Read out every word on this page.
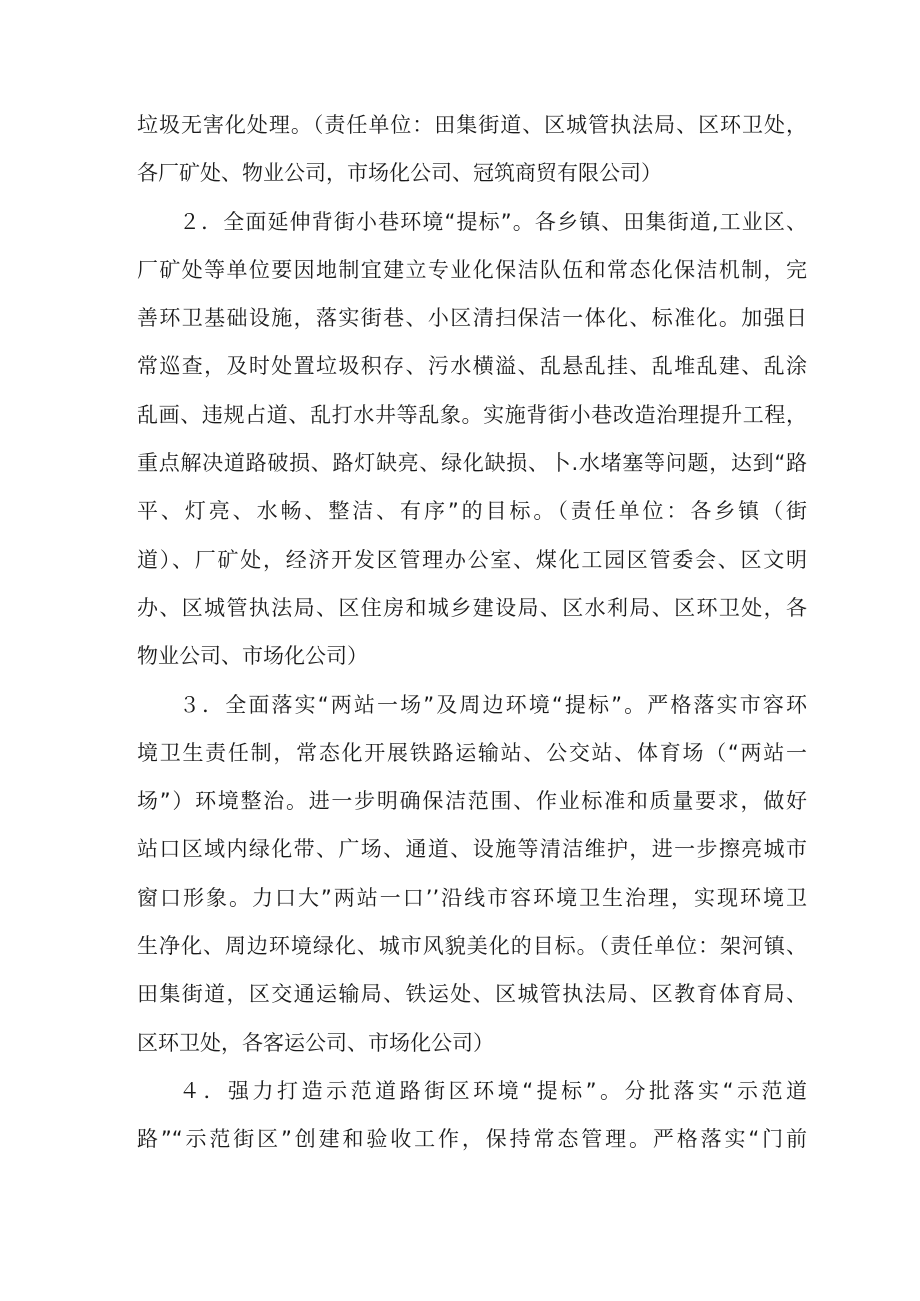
垃圾无害化处理。（责任单位：田集街道、区城管执法局、区环卫处，
各厂矿处、物业公司，市场化公司、冠筑商贸有限公司）
２．全面延伸背街小巷环境“提标”。各乡镇、田集街道,工业区、
厂矿处等单位要因地制宜建立专业化保洁队伍和常态化保洁机制，完
善环卫基础设施，落实街巷、小区清扫保洁一体化、标准化。加强日
常巡查，及时处置垃圾积存、污水横溢、乱悬乱挂、乱堆乱建、乱涂
乱画、违规占道、乱打水井等乱象。实施背街小巷改造治理提升工程，
重点解决道路破损、路灯缺亮、绿化缺损、卜.水堵塞等问题，达到“路
平、灯亮、水畅、整洁、有序”的目标。（责任单位：各乡镇（街
道）、厂矿处，经济开发区管理办公室、煤化工园区管委会、区文明
办、区城管执法局、区住房和城乡建设局、区水利局、区环卫处，各
物业公司、市场化公司）
３．全面落实“两站一场”及周边环境“提标”。严格落实市容环
境卫生责任制，常态化开展铁路运输站、公交站、体育场（“两站一
场”）环境整治。进一步明确保洁范围、作业标准和质量要求，做好
站口区域内绿化带、广场、通道、设施等清洁维护，进一步擦亮城市
窗口形象。力口大”两站一口’’沿线市容环境卫生治理，实现环境卫
生净化、周边环境绿化、城市风貌美化的目标。（责任单位：架河镇、
田集街道，区交通运输局、铁运处、区城管执法局、区教育体育局、
区环卫处，各客运公司、市场化公司）
４．强力打造示范道路街区环境“提标”。分批落实“示范道
路”“示范街区”创建和验收工作，保持常态管理。严格落实“门前
